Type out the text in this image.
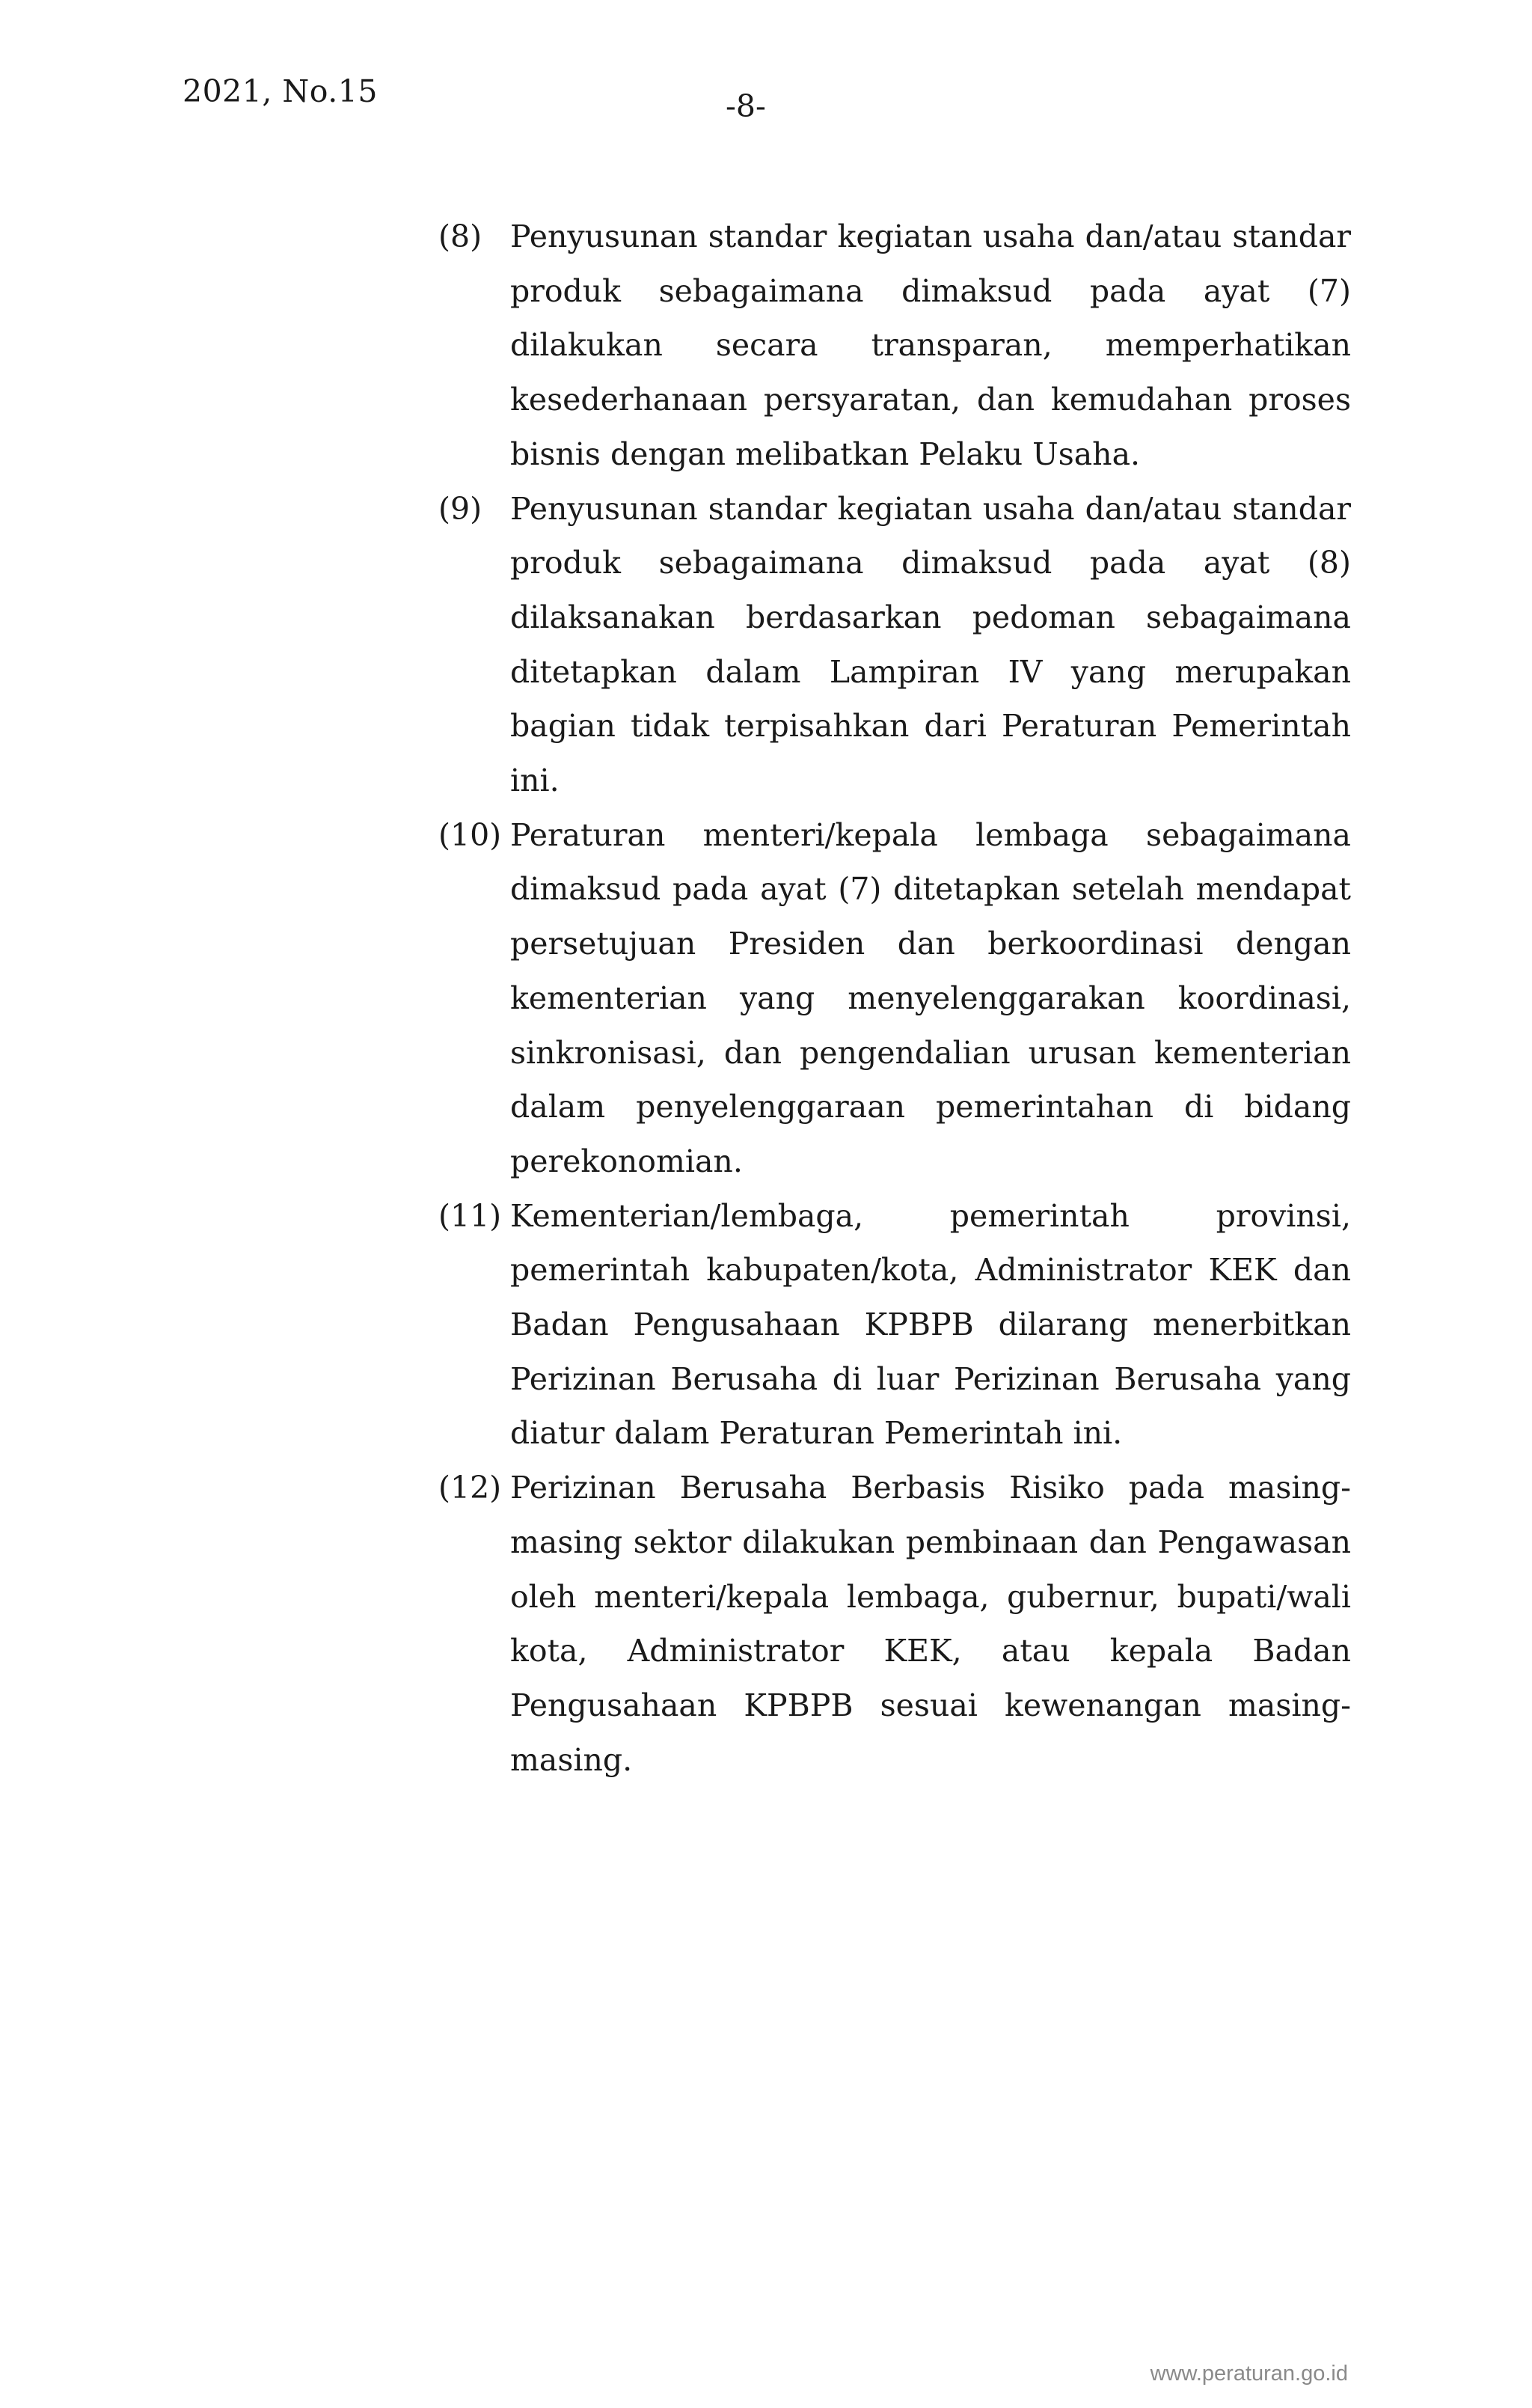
2021, No.15	-8-
(8) Penyusunan standar kegiatan usaha dan/atau standar produk sebagaimana dimaksud pada ayat (7) dilakukan secara transparan, memperhatikan kesederhanaan persyaratan, dan kemudahan proses bisnis dengan melibatkan Pelaku Usaha.

(9) Penyusunan standar kegiatan usaha dan/atau standar produk sebagaimana dimaksud pada ayat (8) dilaksanakan berdasarkan pedoman sebagaimana ditetapkan dalam Lampiran IV yang merupakan bagian tidak terpisahkan dari Peraturan Pemerintah ini.

(10) Peraturan menteri/kepala lembaga sebagaimana dimaksud pada ayat (7) ditetapkan setelah mendapat persetujuan Presiden dan berkoordinasi dengan kementerian yang menyelenggarakan koordinasi, sinkronisasi, dan pengendalian urusan kementerian dalam penyelenggaraan pemerintahan di bidang perekonomian.

(11) Kementerian/lembaga, pemerintah provinsi, pemerintah kabupaten/kota, Administrator KEK dan Badan Pengusahaan KPBPB dilarang menerbitkan Perizinan Berusaha di luar Perizinan Berusaha yang diatur dalam Peraturan Pemerintah ini.

(12) Perizinan Berusaha Berbasis Risiko pada masing-masing sektor dilakukan pembinaan dan Pengawasan oleh menteri/kepala lembaga, gubernur, bupati/wali kota, Administrator KEK, atau kepala Badan Pengusahaan KPBPB sesuai kewenangan masing-masing.

www.peraturan.go.id
